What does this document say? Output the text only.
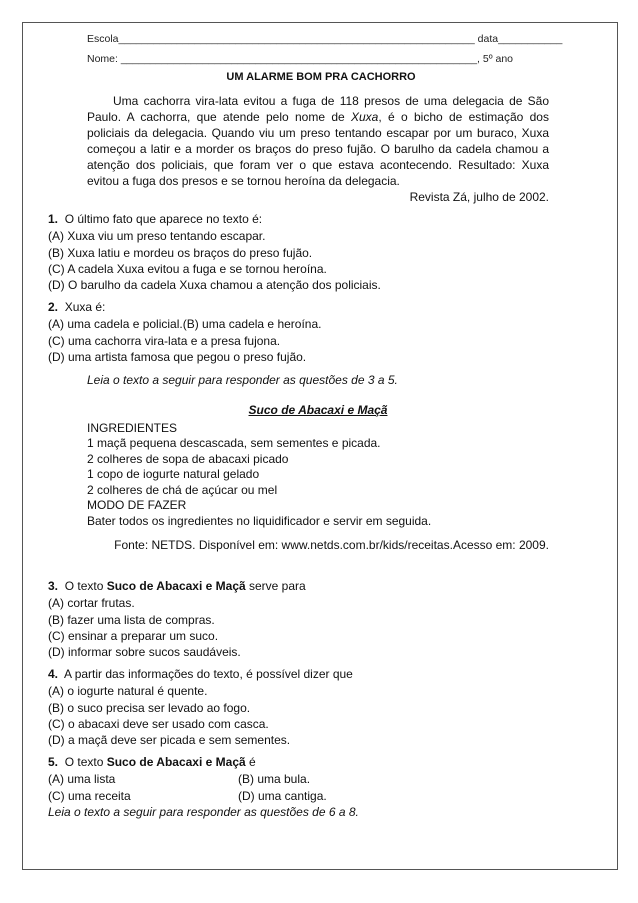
Escola_____________________________________________________________ data___________
Nome: _____________________________________________________________, 5º ano
UM ALARME BOM PRA CACHORRO

Uma cachorra vira-lata evitou a fuga de 118 presos de uma delegacia de São Paulo. A cachorra, que atende pelo nome de Xuxa, é o bicho de estimação dos policiais da delegacia. Quando viu um preso tentando escapar por um buraco, Xuxa começou a latir e a morder os braços do preso fujão. O barulho da cadela chamou a atenção dos policiais, que foram ver o que estava acontecendo. Resultado: Xuxa evitou a fuga dos presos e se tornou heroína da delegacia.

Revista Zá, julho de 2002.
1. O último fato que aparece no texto é:
(A) Xuxa viu um preso tentando escapar.
(B) Xuxa latiu e mordeu os braços do preso fujão.
(C) A cadela Xuxa evitou a fuga e se tornou heroína.
(D) O barulho da cadela Xuxa chamou a atenção dos policiais.
2. Xuxa é:
(A) uma cadela e policial.(B) uma cadela e heroína.
(C) uma cachorra vira-lata e a presa fujona.
(D) uma artista famosa que pegou o preso fujão.
Leia o texto a seguir para responder as questões de 3 a 5.
Suco de Abacaxi e Maçã
INGREDIENTES
1 maçã pequena descascada, sem sementes e picada.
2 colheres de sopa de abacaxi picado
1 copo de iogurte natural gelado
2 colheres de chá de açúcar ou mel
MODO DE FAZER
Bater todos os ingredientes no liquidificador e servir em seguida.
Fonte: NETDS. Disponível em: www.netds.com.br/kids/receitas.Acesso em: 2009.
3. O texto Suco de Abacaxi e Maçã serve para
(A) cortar frutas.
(B) fazer uma lista de compras.
(C) ensinar a preparar um suco.
(D) informar sobre sucos saudáveis.
4. A partir das informações do texto, é possível dizer que
(A) o iogurte natural é quente.
(B) o suco precisa ser levado ao fogo.
(C) o abacaxi deve ser usado com casca.
(D) a maçã deve ser picada e sem sementes.
5. O texto Suco de Abacaxi e Maçã é
(A) uma lista	(B) uma bula.
(C) uma receita	(D) uma cantiga.
Leia o texto a seguir para responder as questões de 6 a 8.
